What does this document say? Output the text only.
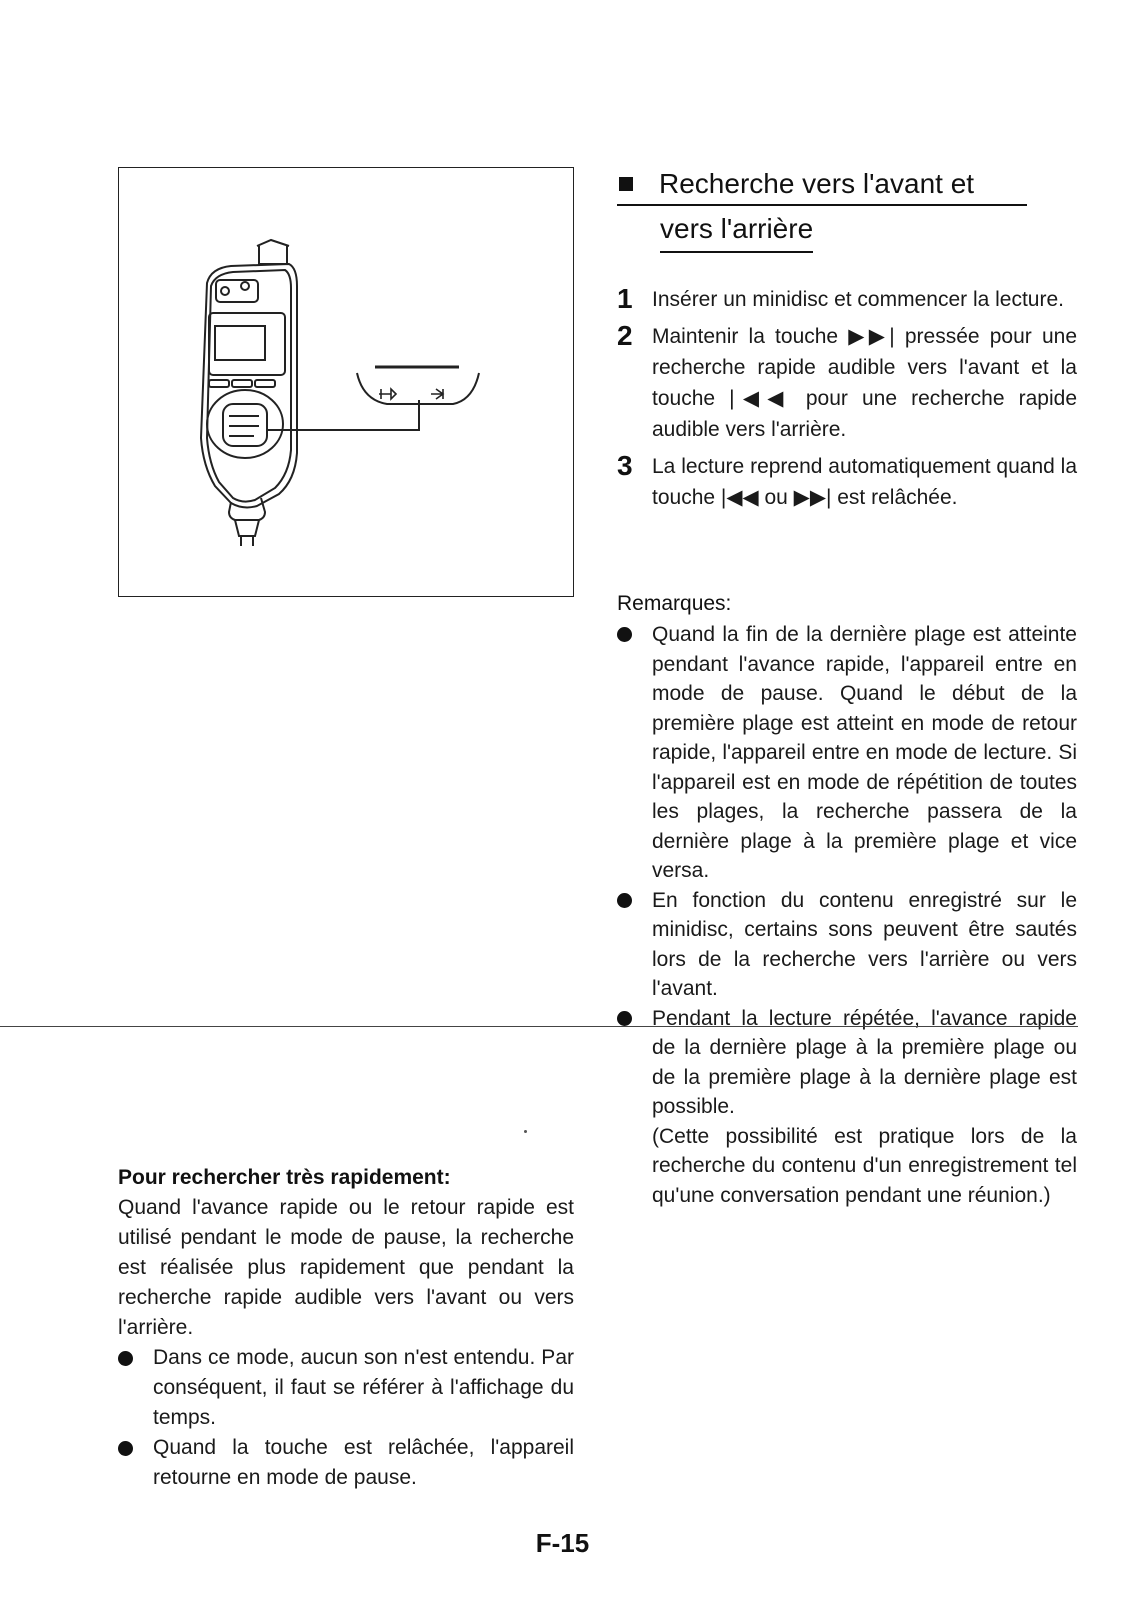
Recherche vers l'avant et
vers l'arrière
1 Insérer un minidisc et commencer la lecture.
2 Maintenir la touche ▶▶| pressée pour une recherche rapide audible vers l'avant et la touche |◀◀ pour une recherche rapide audible vers l'arrière.
3 La lecture reprend automatiquement quand la touche |◀◀ ou ▶▶| est relâchée.
Remarques:
Quand la fin de la dernière plage est atteinte pendant l'avance rapide, l'appareil entre en mode de pause. Quand le début de la première plage est atteint en mode de retour rapide, l'appareil entre en mode de lecture. Si l'appareil est en mode de répétition de toutes les plages, la recherche passera de la dernière plage à la première plage et vice versa.
En fonction du contenu enregistré sur le minidisc, certains sons peuvent être sautés lors de la recherche vers l'arrière ou vers l'avant.
Pendant la lecture répétée, l'avance rapide de la dernière plage à la première plage ou de la première plage à la dernière plage est possible.
(Cette possibilité est pratique lors de la recherche du contenu d'un enregistrement tel qu'une conversation pendant une réunion.)
Pour rechercher très rapidement:

Quand l'avance rapide ou le retour rapide est utilisé pendant le mode de pause, la recherche est réalisée plus rapidement que pendant la recherche rapide audible vers l'avant ou vers l'arrière.

Dans ce mode, aucun son n'est entendu. Par conséquent, il faut se référer à l'affichage du temps.
Quand la touche est relâchée, l'appareil retourne en mode de pause.
F-15
